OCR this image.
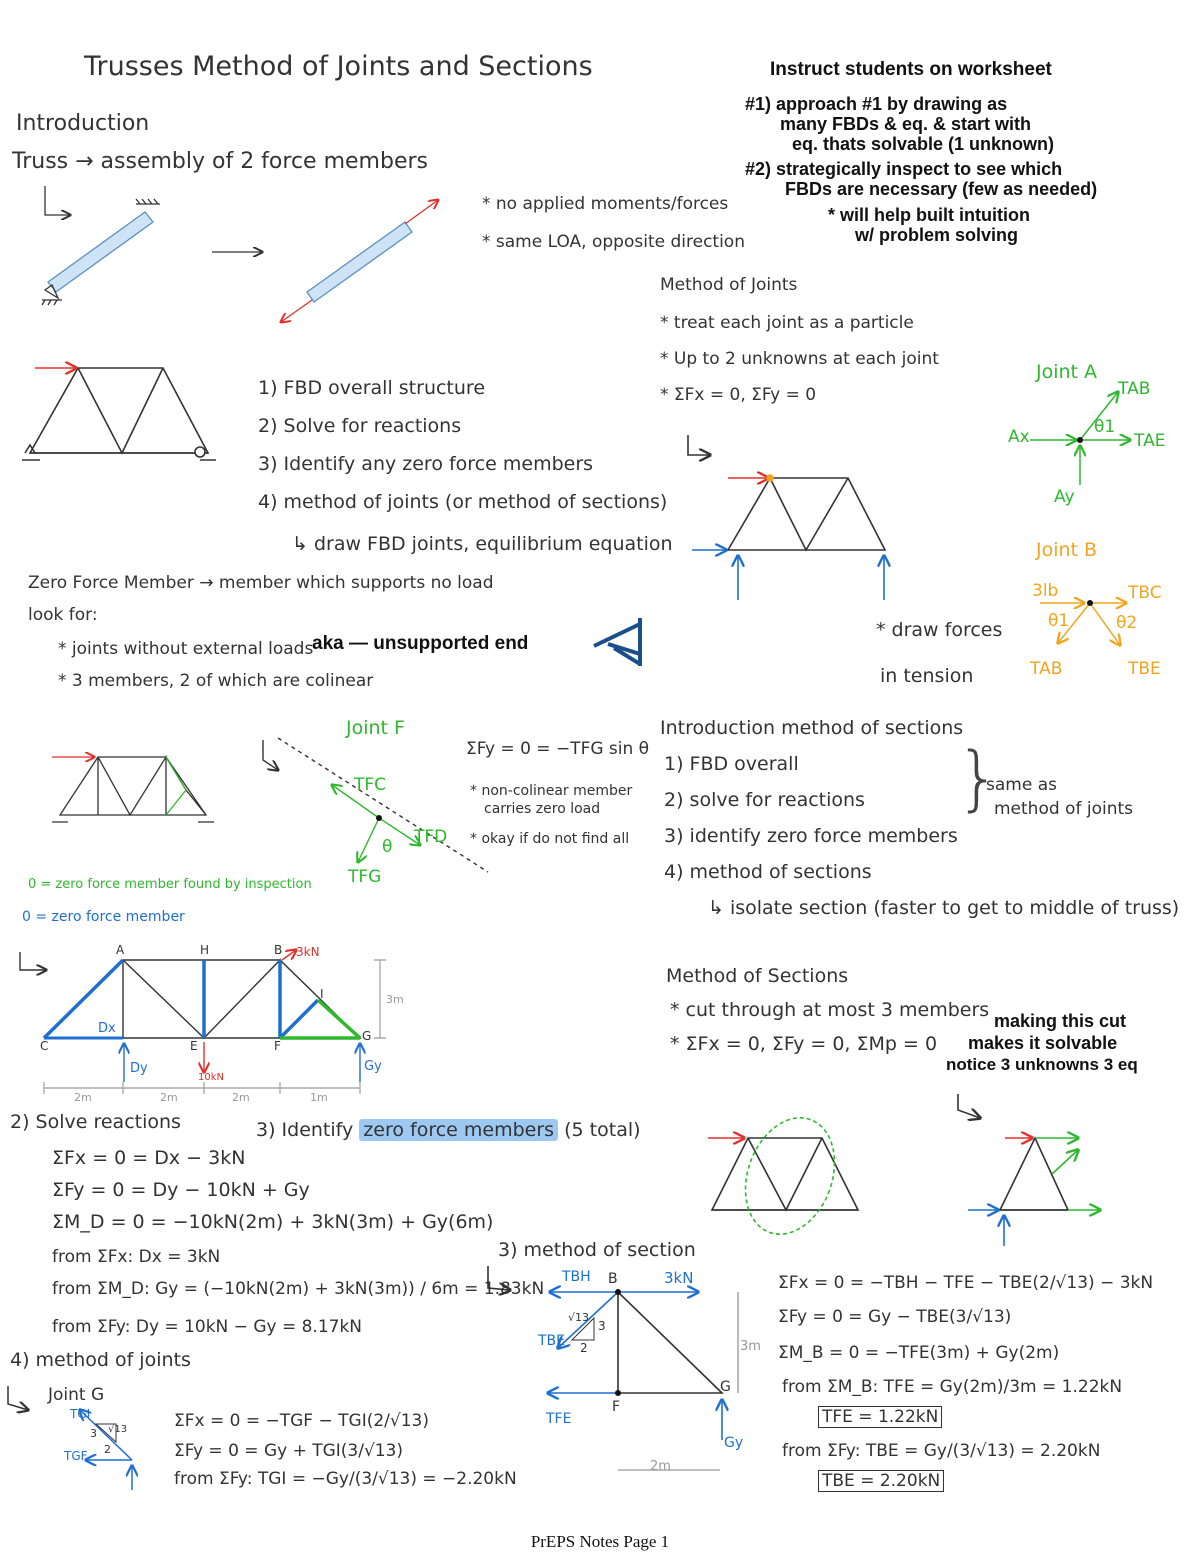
Trusses Method of Joints and Sections	Instruct students on worksheet
#1) approach #1 by drawing as
many FBDs & eq. & start with
eq. thats solvable (1 unknown)
#2) strategically inspect to see which
FBDs are necessary (few as needed)
* will help built intuition
w/ problem solving
Introduction
Truss → assembly of 2 force members
* no applied moments/forces
* same LOA, opposite direction
1) FBD overall structure
2) Solve for reactions
3) Identify any zero force members
4) method of joints (or method of sections)
↳ draw FBD joints, equilibrium equation
Method of Joints
* treat each joint as a particle
* Up to 2 unknowns at each joint
* ΣFx = 0, ΣFy = 0
* draw forces
in tension
Joint A
TAB
θ1
TAE
Ax
Ay
Joint B
3lb	TBC
θ1	θ2
TAB	TBE
Zero Force Member → member which supports no load
look for:
* joints without external loads
aka — unsupported end
* 3 members, 2 of which are colinear
0 = zero force member found by inspection
0 = zero force member
Joint F
ΣFy = 0 = −TFG sin θ
* non-colinear member
carries zero load
* okay if do not find all
TFC
TFD
TFG
θ
Introduction method of sections
1) FBD overall
2) solve for reactions
3) identify zero force members
4) method of sections
↳ isolate section (faster to get to middle of truss)
}
same as
method of joints
Method of Sections
* cut through at most 3 members
* ΣFx = 0, ΣFy = 0, ΣMp = 0
making this cut
makes it solvable
notice 3 unknowns 3 eq
A	H	B 3kN
I
G
C
Dx
E	F
Dy
10kN
Gy
3m
2m	2m	2m	1m
2) Solve reactions	3) Identify zero force members (5 total)
ΣFx = 0 = Dx − 3kN
ΣFy = 0 = Dy − 10kN + Gy
ΣM_D = 0 = −10kN(2m) + 3kN(3m) + Gy(6m)
from ΣFx: Dx = 3kN
from ΣM_D: Gy = (−10kN(2m) + 3kN(3m)) / 6m = 1.83kN
from ΣFy: Dy = 10kN − Gy = 8.17kN
4) method of joints
Joint G
ΣFx = 0 = −TGF − TGI(2/√13)
ΣFy = 0 = Gy + TGI(3/√13)
from ΣFy: TGI = −Gy/(3/√13) = −2.20kN
TGI
TGF
3 √13
2
3) method of section
TBH B	3kN
TBE
√13
3
2	3m
G
F
TFE
Gy
2m
ΣFx = 0 = −TBH − TFE − TBE(2/√13) − 3kN
ΣFy = 0 = Gy − TBE(3/√13)
ΣM_B = 0 = −TFE(3m) + Gy(2m)
from ΣM_B: TFE = Gy(2m)/3m = 1.22kN
TFE = 1.22kN
from ΣFy: TBE = Gy/(3/√13) = 2.20kN
TBE = 2.20kN
PrEPS Notes Page 1
